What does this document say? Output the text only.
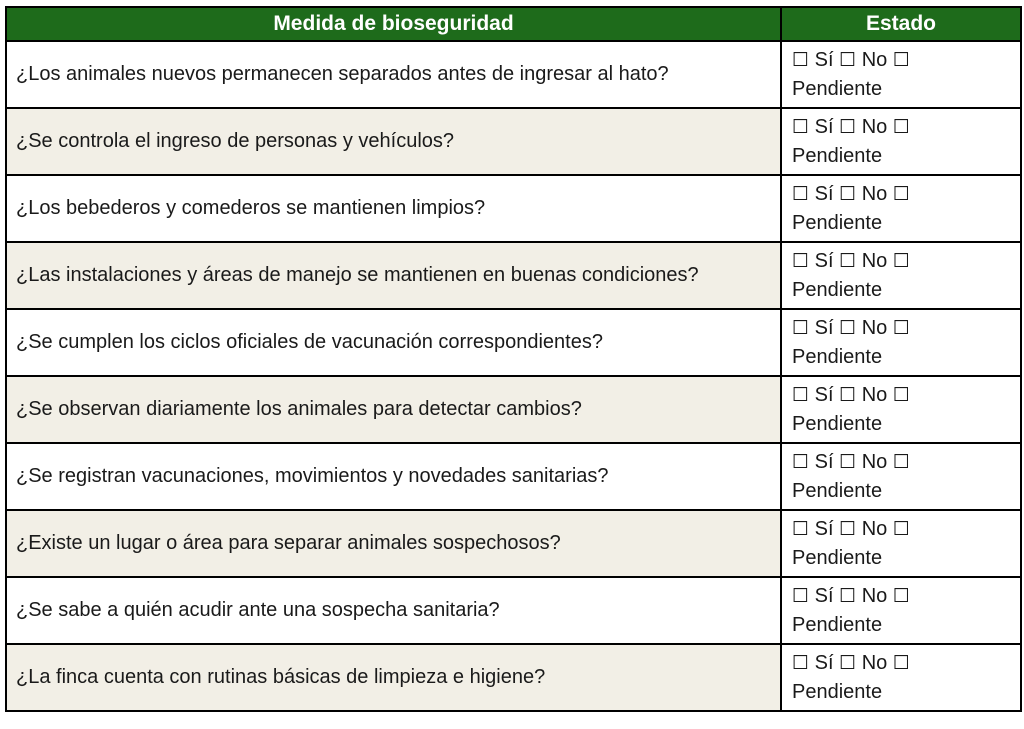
Medida de bioseguridad	Estado
¿Los animales nuevos permanecen separados antes de ingresar al hato?	☐ Sí ☐ No ☐
Pendiente
¿Se controla el ingreso de personas y vehículos?	☐ Sí ☐ No ☐
Pendiente
¿Los bebederos y comederos se mantienen limpios?	☐ Sí ☐ No ☐
Pendiente
¿Las instalaciones y áreas de manejo se mantienen en buenas condiciones?	☐ Sí ☐ No ☐
Pendiente
¿Se cumplen los ciclos oficiales de vacunación correspondientes?	☐ Sí ☐ No ☐
Pendiente
¿Se observan diariamente los animales para detectar cambios?	☐ Sí ☐ No ☐
Pendiente
¿Se registran vacunaciones, movimientos y novedades sanitarias?	☐ Sí ☐ No ☐
Pendiente
¿Existe un lugar o área para separar animales sospechosos?	☐ Sí ☐ No ☐
Pendiente
¿Se sabe a quién acudir ante una sospecha sanitaria?	☐ Sí ☐ No ☐
Pendiente
¿La finca cuenta con rutinas básicas de limpieza e higiene?	☐ Sí ☐ No ☐
Pendiente
